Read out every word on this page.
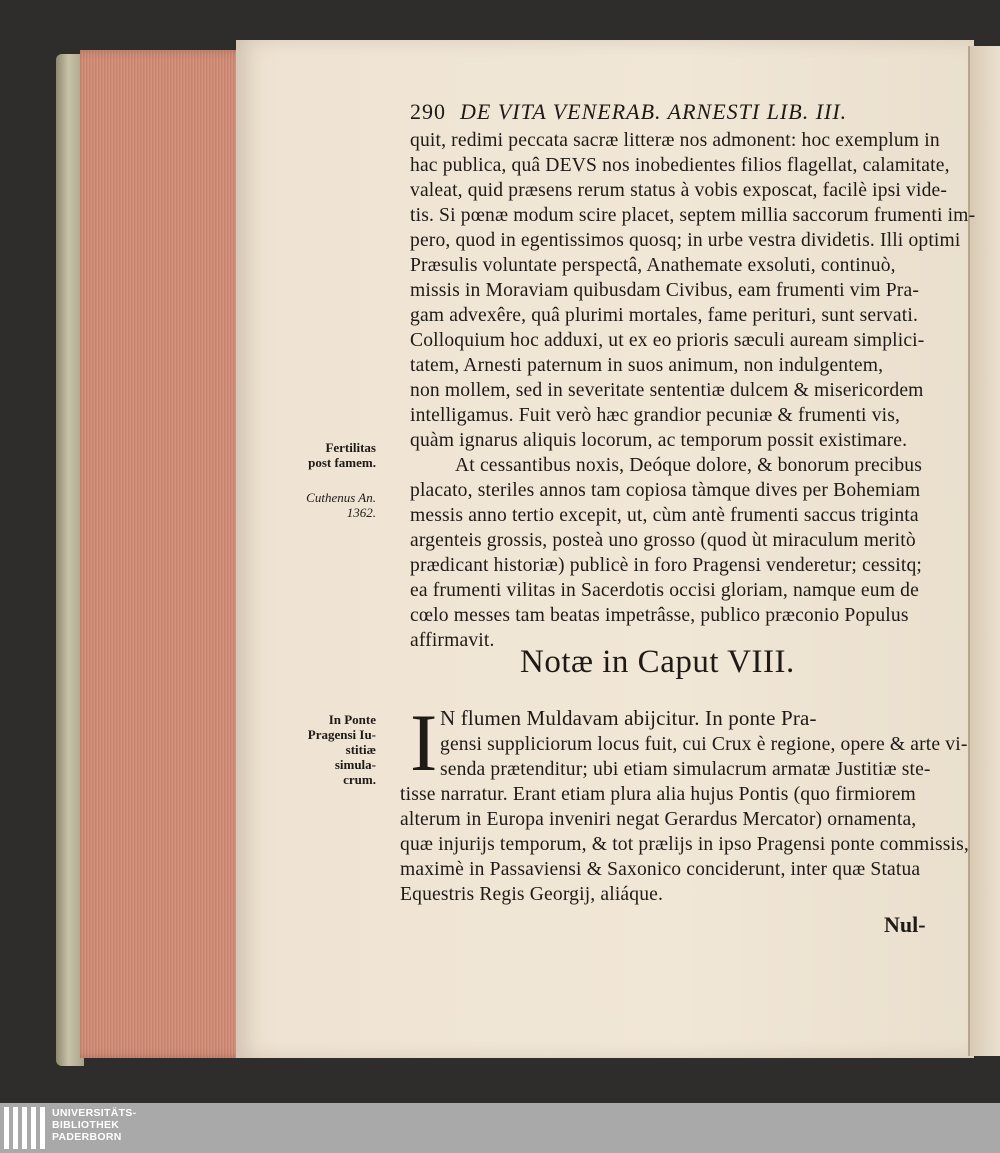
290 DE VITA VENERAB. ARNESTI LIB. III.
quit, redimi peccata sacræ litteræ nos admonent: hoc exemplum in
hac publica, quâ DEVS nos inobedientes filios flagellat, calamitate,
valeat, quid præsens rerum status à vobis exposcat, facilè ipsi vide-
tis. Si pœnæ modum scire placet, septem millia saccorum frumenti im-
pero, quod in egentissimos quosq; in urbe vestra dividetis. Illi optimi
Præsulis voluntate perspectâ, Anathemate exsoluti, continuò,
missis in Moraviam quibusdam Civibus, eam frumenti vim Pra-
gam advexêre, quâ plurimi mortales, fame perituri, sunt servati.
Colloquium hoc adduxi, ut ex eo prioris sæculi auream simplici-
tatem, Arnesti paternum in suos animum, non indulgentem,
non mollem, sed in severitate sententiæ dulcem & misericordem
intelligamus. Fuit verò hæc grandior pecuniæ & frumenti vis,
quàm ignarus aliquis locorum, ac temporum possit existimare.
At cessantibus noxis, Deóque dolore, & bonorum precibus
placato, steriles annos tam copiosa tàmque dives per Bohemiam
messis anno tertio excepit, ut, cùm antè frumenti saccus triginta
argenteis grossis, posteà uno grosso (quod ùt miraculum meritò
prædicant historiæ) publicè in foro Pragensi venderetur; cessitq;
ea frumenti vilitas in Sacerdotis occisi gloriam, namque eum de
cœlo messes tam beatas impetrâsse, publico præconio Populus
affirmavit.
Fertilitas
post famem.
Cuthenus An.
1362.
In Ponte
Pragensi Iu-
stitiæ simula-
crum.
Notæ in Caput VIII.
I N flumen Muldavam abijcitur. In ponte Pra-
gensi suppliciorum locus fuit, cui Crux è regione, opere & arte vi-
senda prætenditur; ubi etiam simulacrum armatæ Justitiæ ste-
tisse narratur. Erant etiam plura alia hujus Pontis (quo firmiorem
alterum in Europa inveniri negat Gerardus Mercator) ornamenta,
quæ injurijs temporum, & tot prælijs in ipso Pragensi ponte commissis,
maximè in Passaviensi & Saxonico conciderunt, inter quæ Statua
Equestris Regis Georgij, aliáque.
Nul-
UNIVERSITÄTS-
BIBLIOTHEK
PADERBORN
